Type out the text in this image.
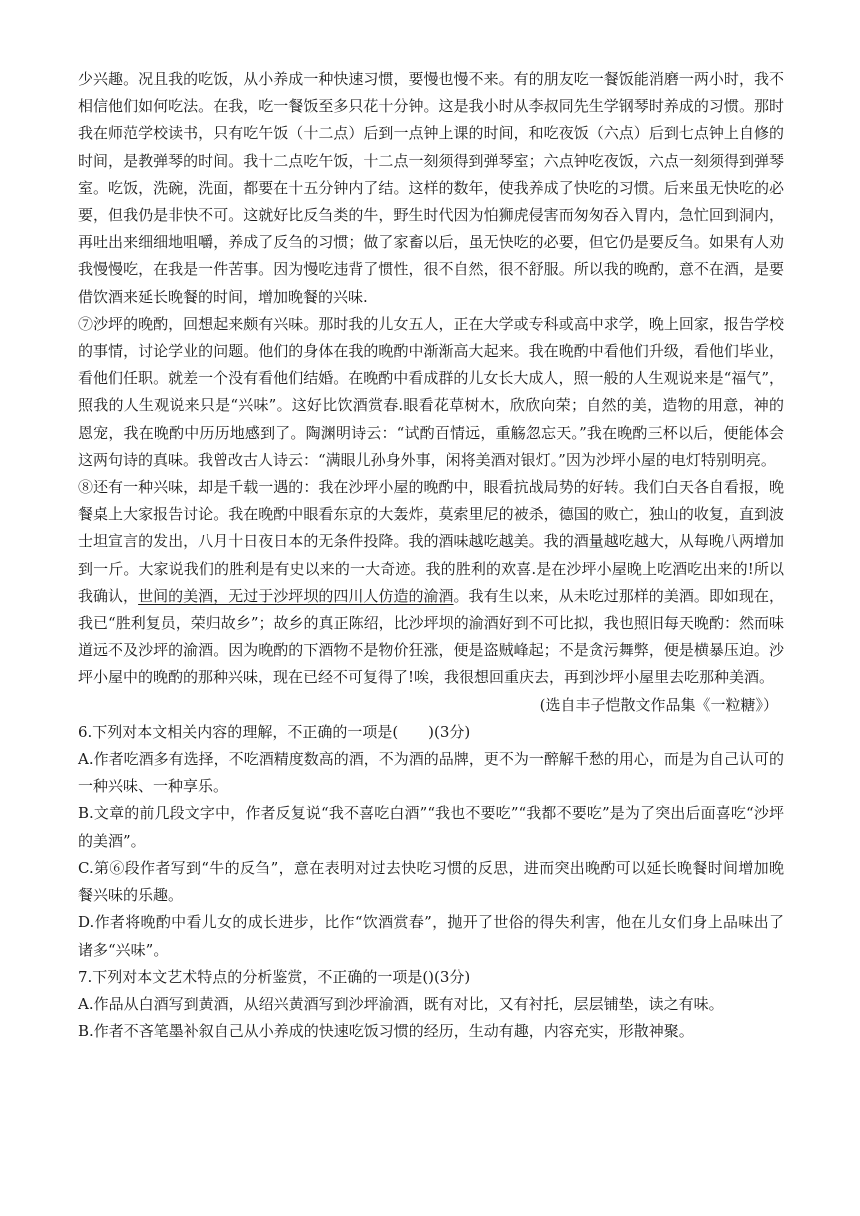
少兴趣。况且我的吃饭，从小养成一种快速习惯，要慢也慢不来。有的朋友吃一餐饭能消磨一两小时，我不相信他们如何吃法。在我，吃一餐饭至多只花十分钟。这是我小时从李叔同先生学钢琴时养成的习惯。那时我在师范学校读书，只有吃午饭（十二点）后到一点钟上课的时间，和吃夜饭（六点）后到七点钟上自修的时间，是教弹琴的时间。我十二点吃午饭，十二点一刻须得到弹琴室；六点钟吃夜饭，六点一刻须得到弹琴室。吃饭，洗碗，洗面，都要在十五分钟内了结。这样的数年，使我养成了快吃的习惯。后来虽无快吃的必要，但我仍是非快不可。这就好比反刍类的牛，野生时代因为怕狮虎侵害而匆匆吞入胃内，急忙回到洞内，再吐出来细细地咀嚼，养成了反刍的习惯；做了家畜以后，虽无快吃的必要，但它仍是要反刍。如果有人劝我慢慢吃，在我是一件苦事。因为慢吃违背了惯性，很不自然，很不舒服。所以我的晚酌，意不在酒，是要借饮酒来延长晚餐的时间，增加晚餐的兴味.

⑦沙坪的晚酌，回想起来颇有兴味。那时我的儿女五人，正在大学或专科或高中求学，晚上回家，报告学校的事情，讨论学业的问题。他们的身体在我的晚酌中渐渐高大起来。我在晚酌中看他们升级，看他们毕业，看他们任职。就差一个没有看他们结婚。在晚酌中看成群的儿女长大成人，照一般的人生观说来是“福气”，照我的人生观说来只是“兴味”。这好比饮酒赏春.眼看花草树木，欣欣向荣；自然的美，造物的用意，神的恩宠，我在晚酌中历历地感到了。陶渊明诗云：“试酌百情远，重觞忽忘天。”我在晚酌三杯以后，便能体会这两句诗的真味。我曾改古人诗云：“满眼儿孙身外事，闲将美酒对银灯。”因为沙坪小屋的电灯特别明亮。

⑧还有一种兴味，却是千载一遇的：我在沙坪小屋的晚酌中，眼看抗战局势的好转。我们白天各自看报，晚餐桌上大家报告讨论。我在晚酌中眼看东京的大轰炸，莫索里尼的被杀，德国的败亡，独山的收复，直到波士坦宣言的发出，八月十日夜日本的无条件投降。我的酒味越吃越美。我的酒量越吃越大，从每晚八两增加到一斤。大家说我们的胜利是有史以来的一大奇迹。我的胜利的欢喜.是在沙坪小屋晚上吃酒吃出来的!所以我确认，世间的美酒，无过于沙坪坝的四川人仿造的渝酒。我有生以来，从未吃过那样的美酒。即如现在，我已“胜利复员，荣归故乡”；故乡的真正陈绍，比沙坪坝的渝酒好到不可比拟，我也照旧每天晚酌：然而味道远不及沙坪的渝酒。因为晚酌的下酒物不是物价狂涨，便是盗贼峰起；不是贪污舞弊，便是横暴压迫。沙坪小屋中的晚酌的那种兴味，现在已经不可复得了!唉，我很想回重庆去，再到沙坪小屋里去吃那种美酒。

(选自丰子恺散文作品集《一粒糖》）

6.下列对本文相关内容的理解，不正确的一项是(　　)(3分)

A.作者吃酒多有选择，不吃酒精度数高的酒，不为酒的品牌，更不为一醉解千愁的用心，而是为自己认可的一种兴味、一种享乐。

B.文章的前几段文字中，作者反复说“我不喜吃白酒”“我也不要吃”“我都不要吃”是为了突出后面喜吃“沙坪的美酒”。

C.第⑥段作者写到“牛的反刍”，意在表明对过去快吃习惯的反思，进而突出晚酌可以延长晚餐时间增加晚餐兴味的乐趣。

D.作者将晚酌中看儿女的成长进步，比作“饮酒赏春”，抛开了世俗的得失利害，他在儿女们身上品味出了诸多“兴味”。

7.下列对本文艺术特点的分析鉴赏，不正确的一项是()(3分)

A.作品从白酒写到黄酒，从绍兴黄酒写到沙坪渝酒，既有对比，又有衬托，层层铺垫，读之有味。

B.作者不吝笔墨补叙自己从小养成的快速吃饭习惯的经历，生动有趣，内容充实，形散神聚。
